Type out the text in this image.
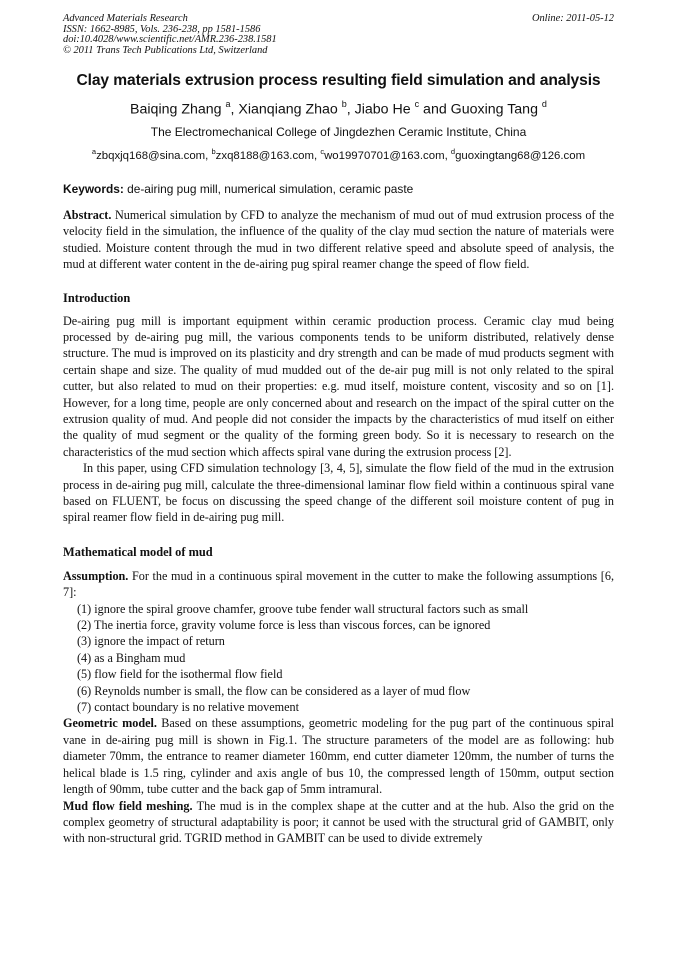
Advanced Materials Research
ISSN: 1662-8985, Vols. 236-238, pp 1581-1586
doi:10.4028/www.scientific.net/AMR.236-238.1581
© 2011 Trans Tech Publications Ltd, Switzerland
Online: 2011-05-12
Clay materials extrusion process resulting field simulation and analysis
Baiqing Zhang $^a$, Xianqiang Zhao $^b$, Jiabo He $^c$ and Guoxing Tang $^d$
The Electromechanical College of Jingdezhen Ceramic Institute, China
$^a$zbqxjq168@sina.com, $^b$zxq8188@163.com, $^c$wo19970701@163.com, $^d$guoxingtang68@126.com
Keywords: de-airing pug mill, numerical simulation, ceramic paste

Abstract. Numerical simulation by CFD to analyze the mechanism of mud out of mud extrusion process of the velocity field in the simulation, the influence of the quality of the clay mud section the nature of materials were studied. Moisture content through the mud in two different relative speed and absolute speed of analysis, the mud at different water content in the de-airing pug spiral reamer change the speed of flow field.

Introduction

De-airing pug mill is important equipment within ceramic production process. Ceramic clay mud being processed by de-airing pug mill, the various components tends to be uniform distributed, relatively dense structure. The mud is improved on its plasticity and dry strength and can be made of mud products segment with certain shape and size. The quality of mud mudded out of the de-air pug mill is not only related to the spiral cutter, but also related to mud on their properties: e.g. mud itself, moisture content, viscosity and so on [1]. However, for a long time, people are only concerned about and research on the impact of the spiral cutter on the extrusion quality of mud. And people did not consider the impacts by the characteristics of mud itself on either the quality of mud segment or the quality of the forming green body. So it is necessary to research on the characteristics of the mud section which affects spiral vane during the extrusion process [2].

In this paper, using CFD simulation technology [3, 4, 5], simulate the flow field of the mud in the extrusion process in de-airing pug mill, calculate the three-dimensional laminar flow field within a continuous spiral vane based on FLUENT, be focus on discussing the speed change of the different soil moisture content of pug in spiral reamer flow field in de-airing pug mill.

Mathematical model of mud

Assumption. For the mud in a continuous spiral movement in the cutter to make the following assumptions [6, 7]:

(1) ignore the spiral groove chamfer, groove tube fender wall structural factors such as small
(2) The inertia force, gravity volume force is less than viscous forces, can be ignored
(3) ignore the impact of return
(4) as a Bingham mud
(5) flow field for the isothermal flow field
(6) Reynolds number is small, the flow can be considered as a layer of mud flow
(7) contact boundary is no relative movement

Geometric model. Based on these assumptions, geometric modeling for the pug part of the continuous spiral vane in de-airing pug mill is shown in Fig.1. The structure parameters of the model are as following: hub diameter 70mm, the entrance to reamer diameter 160mm, end cutter diameter 120mm, the number of turns the helical blade is 1.5 ring, cylinder and axis angle of bus 10, the compressed length of 150mm, output section length of 90mm, tube cutter and the back gap of 5mm intramural.

Mud flow field meshing. The mud is in the complex shape at the cutter and at the hub. Also the grid on the complex geometry of structural adaptability is poor; it cannot be used with the structural grid of GAMBIT, only with non-structural grid. TGRID method in GAMBIT can be used to divide extremely
